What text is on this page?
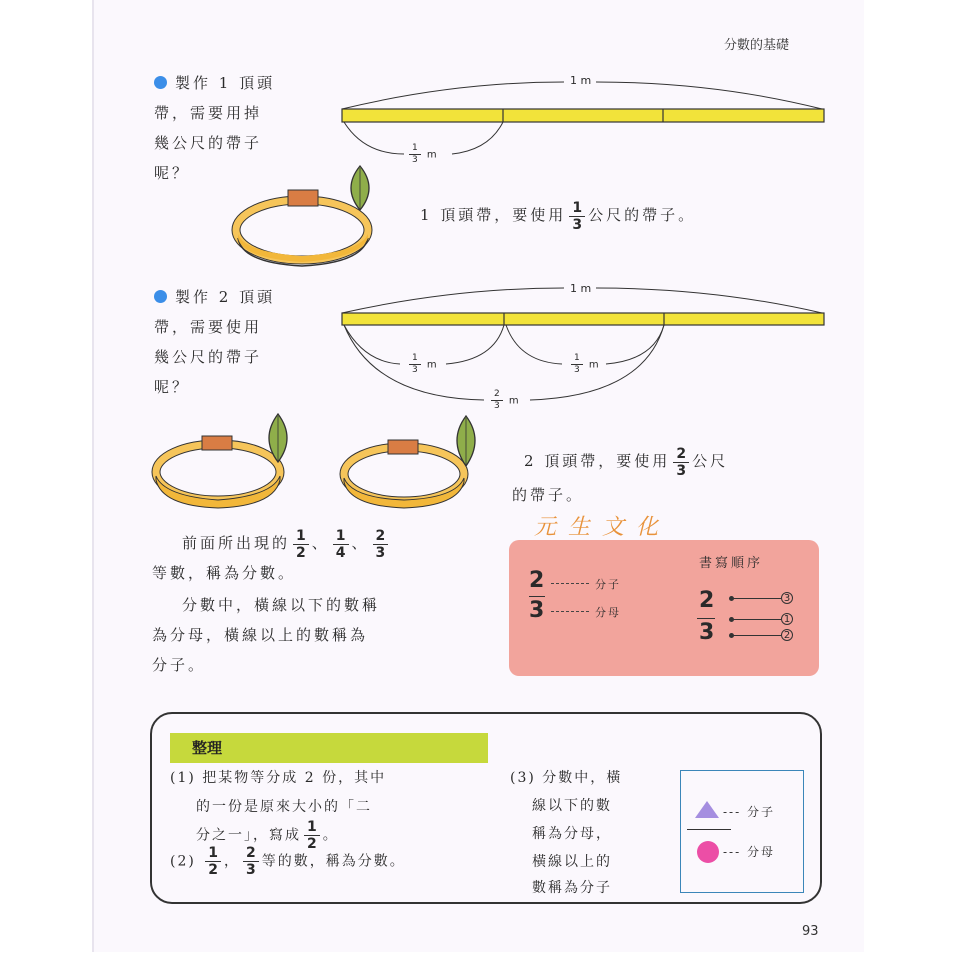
分數的基礎
製作 1 頂頭
帶，需要用掉
幾公尺的帶子
呢？
1 m
$\frac{1}{3}$ m
1 頂頭帶，要使用 $\frac{1}{3}$ 公尺的帶子。
製作 2 頂頭
帶，需要使用
幾公尺的帶子
呢？
1 m
$\frac{1}{3}$ m	$\frac{1}{3}$ m
$\frac{2}{3}$ m
2 頂頭帶，要使用 $\frac{2}{3}$ 公尺
的帶子。
元生文化
前面所出現的 $\frac{1}{2}$ 、 $\frac{1}{4}$ 、 $\frac{2}{3}$
等數，稱為分數。
分數中，橫線以下的數稱
為分母，橫線以上的數稱為
分子。
書寫順序
2
3
分子
分母	2
3
3
1
2
整理
(1) 把某物等分成 2 份，其中
的一份是原來大小的「二
分之一」，寫成 $\frac{1}{2}$ 。
$(2) \frac{1}{2}$ ， $\frac{2}{3}$ 等的數，稱為分數。
(3) 分數中，橫
線以下的數
稱為分母，
橫線以上的
數稱為分子
--- 分子
--- 分母
93
